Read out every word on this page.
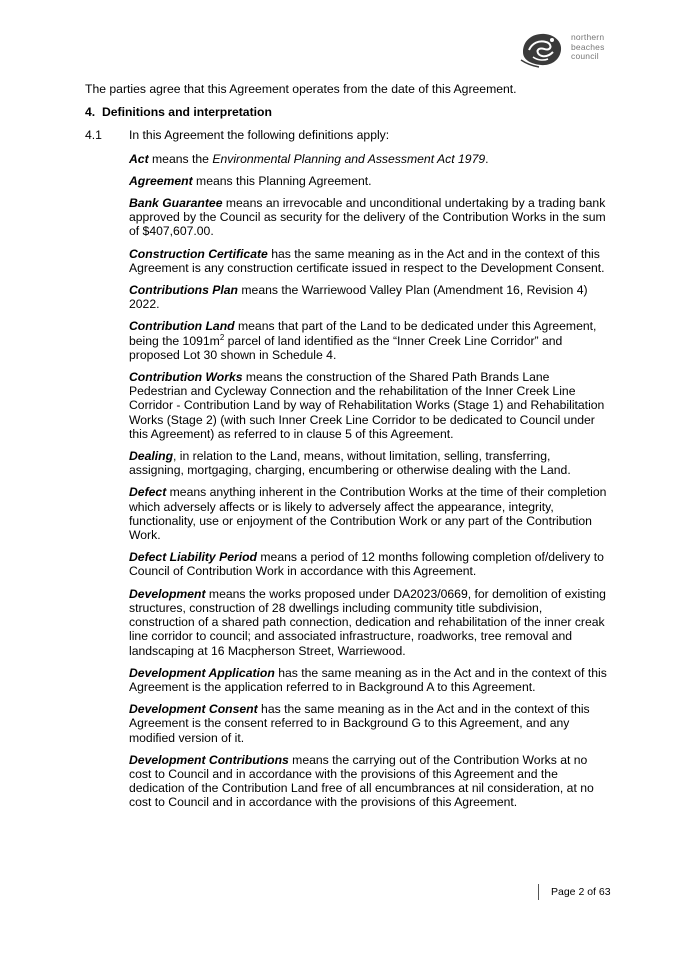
northern
beaches
council

The parties agree that this Agreement operates from the date of this Agreement.

4. Definitions and interpretation

4.1 In this Agreement the following definitions apply:

Act means the Environmental Planning and Assessment Act 1979.

Agreement means this Planning Agreement.

Bank Guarantee means an irrevocable and unconditional undertaking by a trading bank approved by the Council as security for the delivery of the Contribution Works in the sum of $407,607.00.

Construction Certificate has the same meaning as in the Act and in the context of this Agreement is any construction certificate issued in respect to the Development Consent.

Contributions Plan means the Warriewood Valley Plan (Amendment 16, Revision 4) 2022.

Contribution Land means that part of the Land to be dedicated under this Agreement, being the $1091m^2$ parcel of land identified as the “Inner Creek Line Corridor” and proposed Lot 30 shown in Schedule 4.

Contribution Works means the construction of the Shared Path Brands Lane Pedestrian and Cycleway Connection and the rehabilitation of the Inner Creek Line Corridor - Contribution Land by way of Rehabilitation Works (Stage 1) and Rehabilitation Works (Stage 2) (with such Inner Creek Line Corridor to be dedicated to Council under this Agreement) as referred to in clause 5 of this Agreement.

Dealing, in relation to the Land, means, without limitation, selling, transferring, assigning, mortgaging, charging, encumbering or otherwise dealing with the Land.

Defect means anything inherent in the Contribution Works at the time of their completion which adversely affects or is likely to adversely affect the appearance, integrity, functionality, use or enjoyment of the Contribution Work or any part of the Contribution Work.

Defect Liability Period means a period of 12 months following completion of/delivery to Council of Contribution Work in accordance with this Agreement.

Development means the works proposed under DA2023/0669, for demolition of existing structures, construction of 28 dwellings including community title subdivision, construction of a shared path connection, dedication and rehabilitation of the inner creak line corridor to council; and associated infrastructure, roadworks, tree removal and landscaping at 16 Macpherson Street, Warriewood.

Development Application has the same meaning as in the Act and in the context of this Agreement is the application referred to in Background A to this Agreement.

Development Consent has the same meaning as in the Act and in the context of this Agreement is the consent referred to in Background G to this Agreement, and any modified version of it.

Development Contributions means the carrying out of the Contribution Works at no cost to Council and in accordance with the provisions of this Agreement and the dedication of the Contribution Land free of all encumbrances at nil consideration, at no cost to Council and in accordance with the provisions of this Agreement.

Page 2 of 63
